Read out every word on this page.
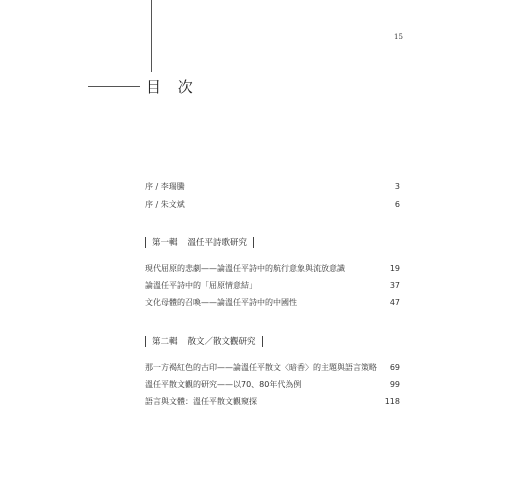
15
目 次
序 / 李瑞騰	3
序 / 朱文斌	6
第一輯 溫任平詩歌研究
現代屈原的悲劇——論溫任平詩中的航行意象與流放意識	19
論溫任平詩中的「屈原情意結」	37
文化母體的召喚——論溫任平詩中的中國性	47
第二輯 散文／散文觀研究
那一方褐紅色的古印——論溫任平散文〈暗香〉的主題與語言策略 69
溫任平散文觀的研究——以70、80年代為例	99
語言與文體：溫任平散文觀窺探	118
